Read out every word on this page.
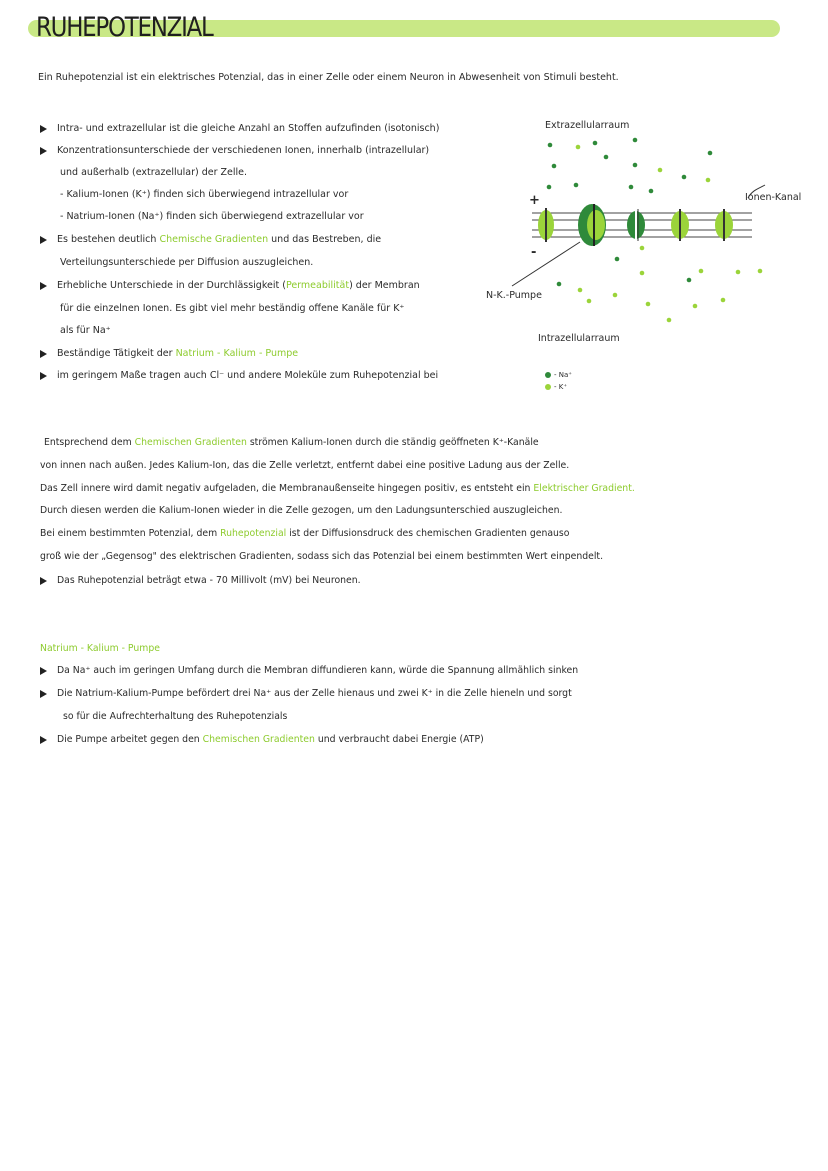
RUHEPOTENZIAL
Ein Ruhepotenzial ist ein elektrisches Potenzial, das in einer Zelle oder einem Neuron in Abwesenheit von Stimuli besteht.
Intra- und extrazellular ist die gleiche Anzahl an Stoffen aufzufinden (isotonisch)
Konzentrationsunterschiede der verschiedenen Ionen, innerhalb (intrazellular)
und außerhalb (extrazellular) der Zelle.
- Kalium-Ionen (K⁺) finden sich überwiegend intrazellular vor
- Natrium-Ionen (Na⁺) finden sich überwiegend extrazellular vor
Es bestehen deutlich Chemische Gradienten und das Bestreben, die
Verteilungsunterschiede per Diffusion auszugleichen.
Erhebliche Unterschiede in der Durchlässigkeit (Permeabilität) der Membran
für die einzelnen Ionen. Es gibt viel mehr beständig offene Kanäle für K⁺
als für Na⁺
Beständige Tätigkeit der Natrium - Kalium - Pumpe
im geringem Maße tragen auch Cl⁻ und andere Moleküle zum Ruhepotenzial bei
Extrazellularraum
Ionen-Kanal
N-K.-Pumpe
Intrazellularraum
+
-
- Na⁺
- K⁺
Entsprechend dem Chemischen Gradienten strömen Kalium-Ionen durch die ständig geöffneten K⁺-Kanäle
von innen nach außen. Jedes Kalium-Ion, das die Zelle verletzt, entfernt dabei eine positive Ladung aus der Zelle.
Das Zell innere wird damit negativ aufgeladen, die Membranaußenseite hingegen positiv, es entsteht ein Elektrischer Gradient.
Durch diesen werden die Kalium-Ionen wieder in die Zelle gezogen, um den Ladungsunterschied auszugleichen.
Bei einem bestimmten Potenzial, dem Ruhepotenzial ist der Diffusionsdruck des chemischen Gradienten genauso
groß wie der „Gegensog" des elektrischen Gradienten, sodass sich das Potenzial bei einem bestimmten Wert einpendelt.
Das Ruhepotenzial beträgt etwa - 70 Millivolt (mV) bei Neuronen.
Natrium - Kalium - Pumpe
Da Na⁺ auch im geringen Umfang durch die Membran diffundieren kann, würde die Spannung allmählich sinken
Die Natrium-Kalium-Pumpe befördert drei Na⁺ aus der Zelle hienaus und zwei K⁺ in die Zelle hieneln und sorgt
so für die Aufrechterhaltung des Ruhepotenzials
Die Pumpe arbeitet gegen den Chemischen Gradienten und verbraucht dabei Energie (ATP)
